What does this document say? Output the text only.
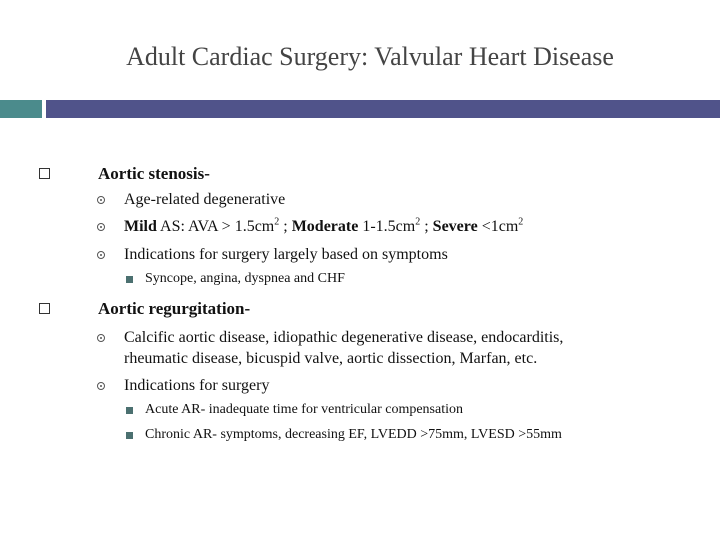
Adult Cardiac Surgery: Valvular Heart Disease
Aortic stenosis-
Age-related degenerative
Mild AS: AVA > $1.5cm^2$ ; Moderate $1-1.5cm^2$ ; Severe $<1cm^2$
Indications for surgery largely based on symptoms
Syncope, angina, dyspnea and CHF
Aortic regurgitation-
Calcific aortic disease, idiopathic degenerative disease, endocarditis,
rheumatic disease, bicuspid valve, aortic dissection, Marfan, etc.
Indications for surgery
Acute AR- inadequate time for ventricular compensation
Chronic AR- symptoms, decreasing EF, LVEDD >75mm, LVESD >55mm
